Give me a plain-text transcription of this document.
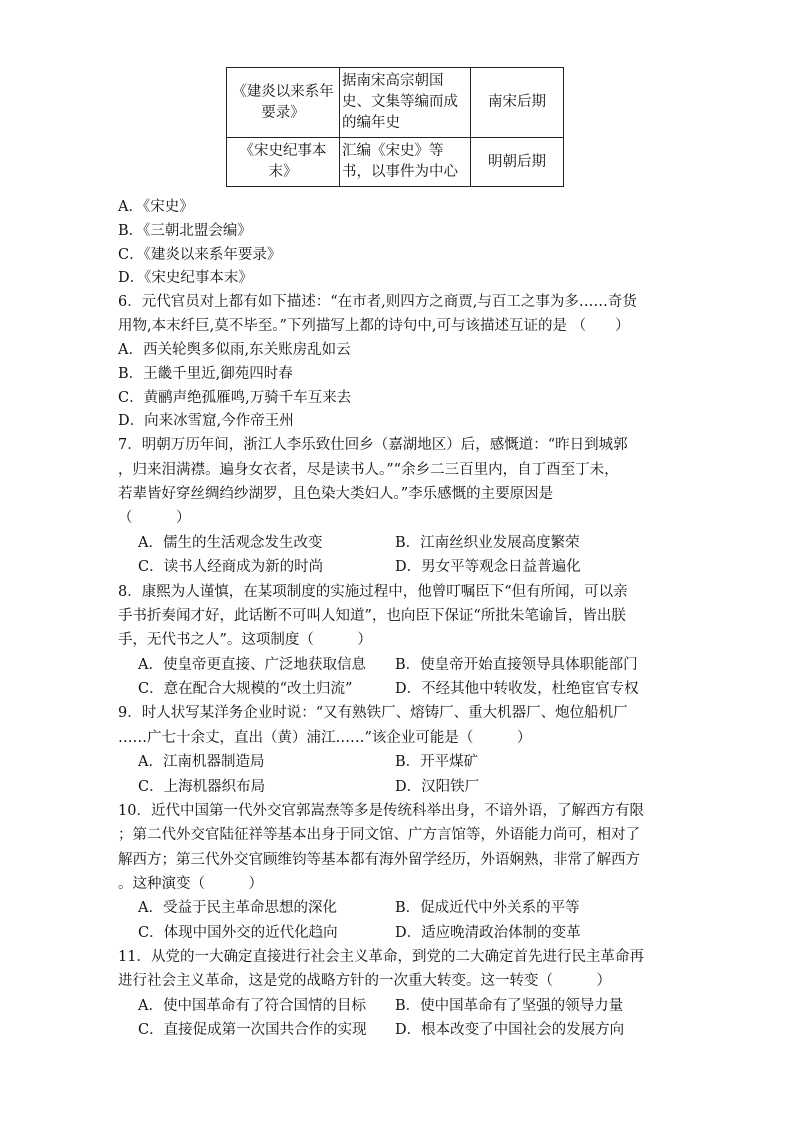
《建炎以来系年要录》	据南宋高宗朝国史、文集等编而成的编年史	南宋后期
《宋史纪事本末》	汇编《宋史》等书，以事件为中心	明朝后期
A．《宋史》
B．《三朝北盟会编》
C．《建炎以来系年要录》
D．《宋史纪事本末》
6．元代官员对上都有如下描述：“在市者,则四方之商贾,与百工之事为多……奇货
用物,本末纤巨,莫不毕至。”下列描写上都的诗句中,可与该描述互证的是 （　　）
A．西关轮舆多似雨,东关账房乱如云
B．王畿千里近,御苑四时春
C．黄鹂声绝孤雁鸣,万骑千车互来去
D．向来冰雪窟,今作帝王州
7．明朝万历年间，浙江人李乐致仕回乡（嘉湖地区）后，感慨道：“昨日到城郭
，归来泪满襟。遍身女衣者，尽是读书人。”“余乡二三百里内，自丁酉至丁未，
若辈皆好穿丝绸绉纱湖罗，且色染大类妇人。”李乐感慨的主要原因是
（　　　）
A．儒生的生活观念发生改变	B．江南丝织业发展高度繁荣
C．读书人经商成为新的时尚	D．男女平等观念日益普遍化
8．康熙为人谨慎，在某项制度的实施过程中，他曾叮嘱臣下“但有所闻，可以亲
手书折奏闻才好，此话断不可叫人知道”，也向臣下保证“所批朱笔谕旨，皆出朕
手，无代书之人”。这项制度（　　　）
A．使皇帝更直接、广泛地获取信息 B．使皇帝开始直接领导具体职能部门
C．意在配合大规模的“改土归流”	D．不经其他中转收发，杜绝宦官专权
9．时人状写某洋务企业时说：“又有熟铁厂、熔铸厂、重大机器厂、炮位船机厂
……广七十余丈，直出（黄）浦江……”该企业可能是（　　　）
A．江南机器制造局	B．开平煤矿
C．上海机器织布局	D．汉阳铁厂
10．近代中国第一代外交官郭嵩焘等多是传统科举出身，不谙外语，了解西方有限
；第二代外交官陆征祥等基本出身于同文馆、广方言馆等，外语能力尚可，相对了
解西方；第三代外交官顾维钧等基本都有海外留学经历，外语娴熟，非常了解西方
。这种演变（　　　）
A．受益于民主革命思想的深化	B．促成近代中外关系的平等
C．体现中国外交的近代化趋向	D．适应晚清政治体制的变革
11．从党的一大确定直接进行社会主义革命，到党的二大确定首先进行民主革命再
进行社会主义革命，这是党的战略方针的一次重大转变。这一转变（　　　）
A．使中国革命有了符合国情的目标 B．使中国革命有了坚强的领导力量
C．直接促成第一次国共合作的实现 D．根本改变了中国社会的发展方向
